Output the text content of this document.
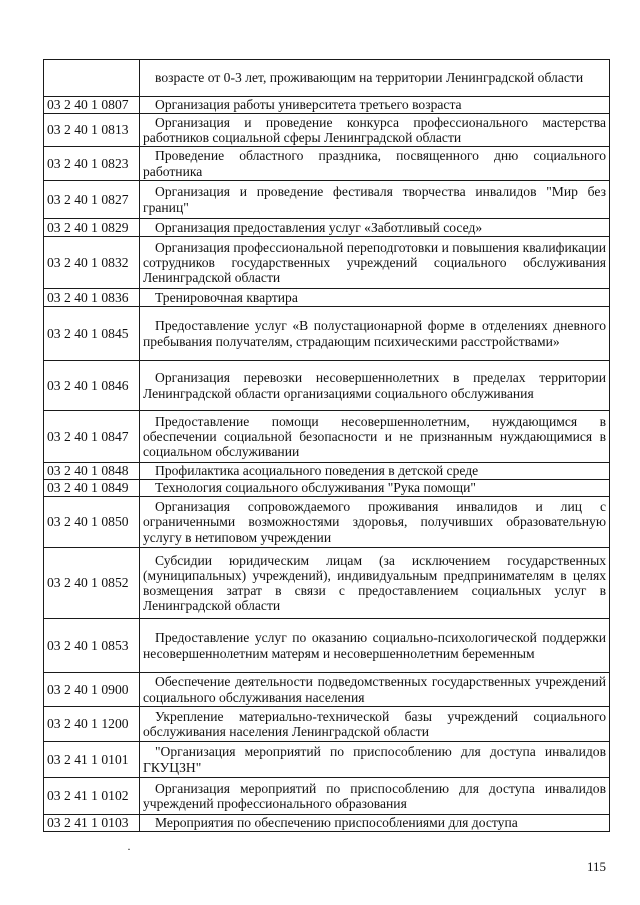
	возрасте от 0-3 лет, проживающим на территории Ленинградской области
03 2 40 1 0807	Организация работы университета третьего возраста
03 2 40 1 0813	Организация и проведение конкурса профессионального мастерства работников социальной сферы Ленинградской области
03 2 40 1 0823	Проведение областного праздника, посвященного дню социального работника
03 2 40 1 0827	Организация и проведение фестиваля творчества инвалидов "Мир без границ"
03 2 40 1 0829	Организация предоставления услуг «Заботливый сосед»
03 2 40 1 0832	Организация профессиональной переподготовки и повышения квалификации сотрудников государственных учреждений социального обслуживания Ленинградской области
03 2 40 1 0836	Тренировочная квартира
03 2 40 1 0845	Предоставление услуг «В полустационарной форме в отделениях дневного пребывания получателям, страдающим психическими расстройствами»
03 2 40 1 0846	Организация перевозки несовершеннолетних в пределах территории Ленинградской области организациями социального обслуживания
03 2 40 1 0847	Предоставление помощи несовершеннолетним, нуждающимся в обеспечении социальной безопасности и не признанным нуждающимися в социальном обслуживании
03 2 40 1 0848	Профилактика асоциального поведения в детской среде
03 2 40 1 0849	Технология социального обслуживания "Рука помощи"
03 2 40 1 0850	Организация сопровождаемого проживания инвалидов и лиц с ограниченными возможностями здоровья, получивших образовательную услугу в нетиповом учреждении
03 2 40 1 0852	Субсидии юридическим лицам (за исключением государственных (муниципальных) учреждений), индивидуальным предпринимателям в целях возмещения затрат в связи с предоставлением социальных услуг в Ленинградской области
03 2 40 1 0853	Предоставление услуг по оказанию социально-психологической поддержки несовершеннолетним матерям и несовершеннолетним беременным
03 2 40 1 0900	Обеспечение деятельности подведомственных государственных учреждений социального обслуживания населения
03 2 40 1 1200	Укрепление материально-технической базы учреждений социального обслуживания населения Ленинградской области
03 2 41 1 0101	"Организация мероприятий по приспособлению для доступа инвалидов ГКУЦЗН"
03 2 41 1 0102	Организация мероприятий по приспособлению для доступа инвалидов учреждений профессионального образования
03 2 41 1 0103	Мероприятия по обеспечению приспособлениями для доступа
·
115
